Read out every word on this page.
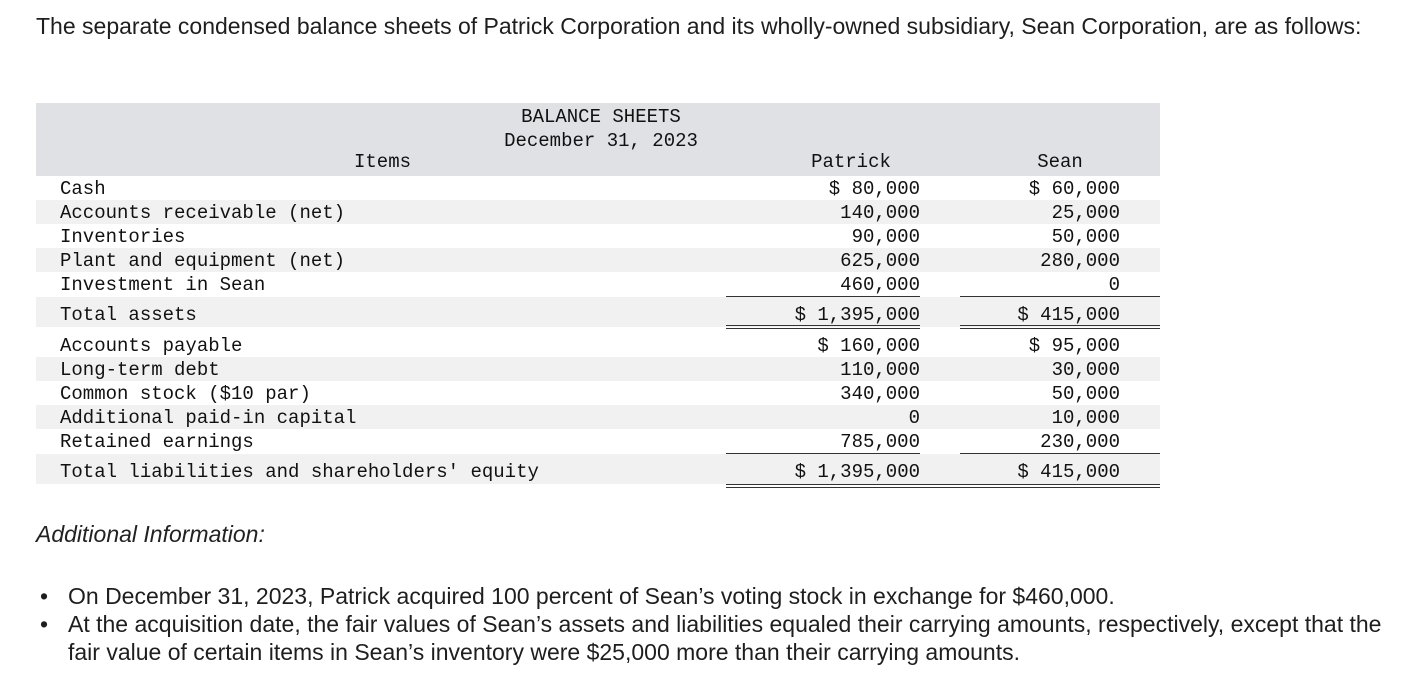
The separate condensed balance sheets of Patrick Corporation and its wholly-owned subsidiary, Sean Corporation, are as follows:
BALANCE SHEETS
December 31, 2023
Items	Patrick	Sean
Cash	$ 80,000	$ 60,000
Accounts receivable (net)	140,000	25,000
Inventories	90,000	50,000
Plant and equipment (net)	625,000	280,000
Investment in Sean	460,000	0
Total assets	$ 1,395,000	$ 415,000
Accounts payable	$ 160,000	$ 95,000
Long-term debt	110,000	30,000
Common stock ($10 par)	340,000	50,000
Additional paid-in capital	0	10,000
Retained earnings	785,000	230,000
Total liabilities and shareholders' equity	$ 1,395,000	$ 415,000
Additional Information:
• On December 31, 2023, Patrick acquired 100 percent of Sean’s voting stock in exchange for $460,000.
• At the acquisition date, the fair values of Sean’s assets and liabilities equaled their carrying amounts, respectively, except that the fair value of certain items in Sean’s inventory were $25,000 more than their carrying amounts.
